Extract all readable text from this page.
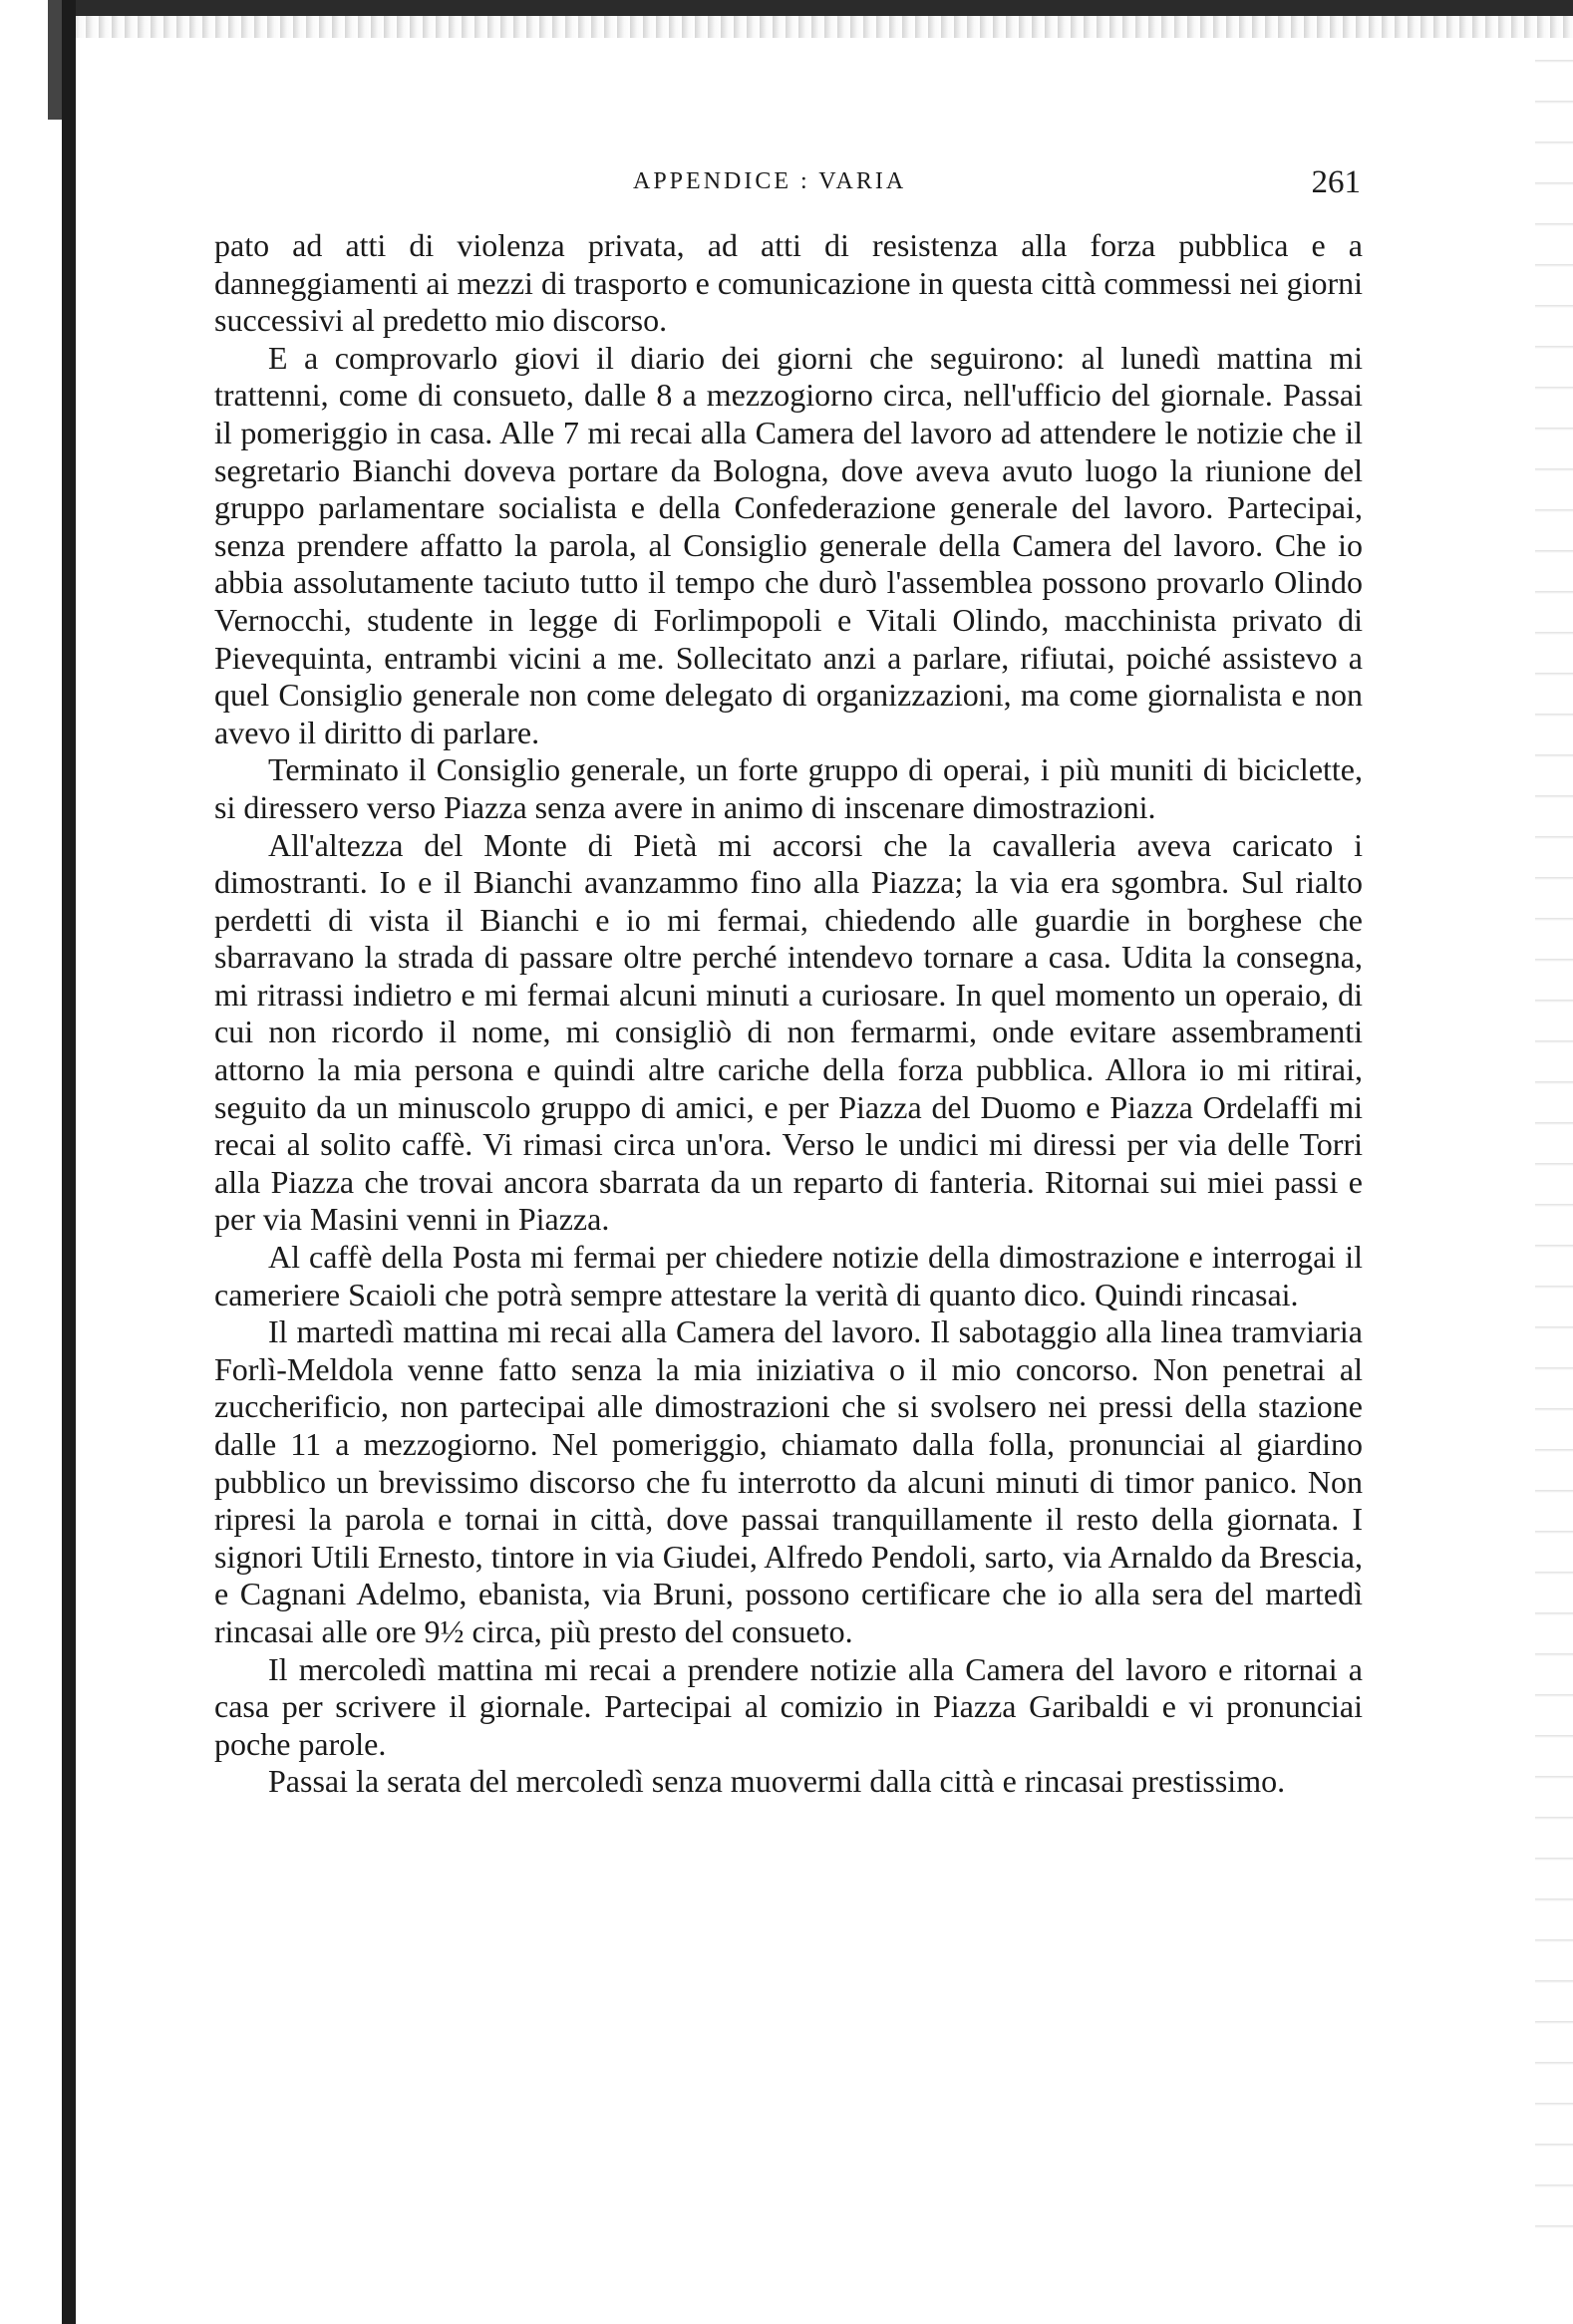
APPENDICE : VARIA	261

pato ad atti di violenza privata, ad atti di resistenza alla forza pubblica e a danneggiamenti ai mezzi di trasporto e comunicazione in questa città commessi nei giorni successivi al predetto mio discorso.

E a comprovarlo giovi il diario dei giorni che seguirono: al lunedì mattina mi trattenni, come di consueto, dalle 8 a mezzogiorno circa, nell'ufficio del giornale. Passai il pomeriggio in casa. Alle 7 mi recai alla Camera del lavoro ad attendere le notizie che il segretario Bianchi doveva portare da Bologna, dove aveva avuto luogo la riunione del gruppo parlamentare socialista e della Confederazione generale del lavoro. Partecipai, senza prendere affatto la parola, al Consiglio generale della Camera del lavoro. Che io abbia assolutamente taciuto tutto il tempo che durò l'assemblea possono provarlo Olindo Vernocchi, studente in legge di Forlimpopoli e Vitali Olindo, macchinista privato di Pievequinta, entrambi vicini a me. Sollecitato anzi a parlare, rifiutai, poiché assistevo a quel Consiglio generale non come delegato di organizzazioni, ma come giornalista e non avevo il diritto di parlare.

Terminato il Consiglio generale, un forte gruppo di operai, i più muniti di biciclette, si diressero verso Piazza senza avere in animo di inscenare dimostrazioni.

All'altezza del Monte di Pietà mi accorsi che la cavalleria aveva caricato i dimostranti. Io e il Bianchi avanzammo fino alla Piazza; la via era sgombra. Sul rialto perdetti di vista il Bianchi e io mi fermai, chiedendo alle guardie in borghese che sbarravano la strada di passare oltre perché intendevo tornare a casa. Udita la consegna, mi ritrassi indietro e mi fermai alcuni minuti a curiosare. In quel momento un operaio, di cui non ricordo il nome, mi consigliò di non fermarmi, onde evitare assembramenti attorno la mia persona e quindi altre cariche della forza pubblica. Allora io mi ritirai, seguito da un minuscolo gruppo di amici, e per Piazza del Duomo e Piazza Ordelaffi mi recai al solito caffè. Vi rimasi circa un'ora. Verso le undici mi diressi per via delle Torri alla Piazza che trovai ancora sbarrata da un reparto di fanteria. Ritornai sui miei passi e per via Masini venni in Piazza.

Al caffè della Posta mi fermai per chiedere notizie della dimostrazione e interrogai il cameriere Scaioli che potrà sempre attestare la verità di quanto dico. Quindi rincasai.

Il martedì mattina mi recai alla Camera del lavoro. Il sabotaggio alla linea tramviaria Forlì-Meldola venne fatto senza la mia iniziativa o il mio concorso. Non penetrai al zuccherificio, non partecipai alle dimostrazioni che si svolsero nei pressi della stazione dalle 11 a mezzogiorno. Nel pomeriggio, chiamato dalla folla, pronunciai al giardino pubblico un brevissimo discorso che fu interrotto da alcuni minuti di timor panico. Non ripresi la parola e tornai in città, dove passai tranquillamente il resto della giornata. I signori Utili Ernesto, tintore in via Giudei, Alfredo Pendoli, sarto, via Arnaldo da Brescia, e Cagnani Adelmo, ebanista, via Bruni, possono certificare che io alla sera del martedì rincasai alle ore 9½ circa, più presto del consueto.

Il mercoledì mattina mi recai a prendere notizie alla Camera del lavoro e ritornai a casa per scrivere il giornale. Partecipai al comizio in Piazza Garibaldi e vi pronunciai poche parole.

Passai la serata del mercoledì senza muovermi dalla città e rincasai prestissimo.
